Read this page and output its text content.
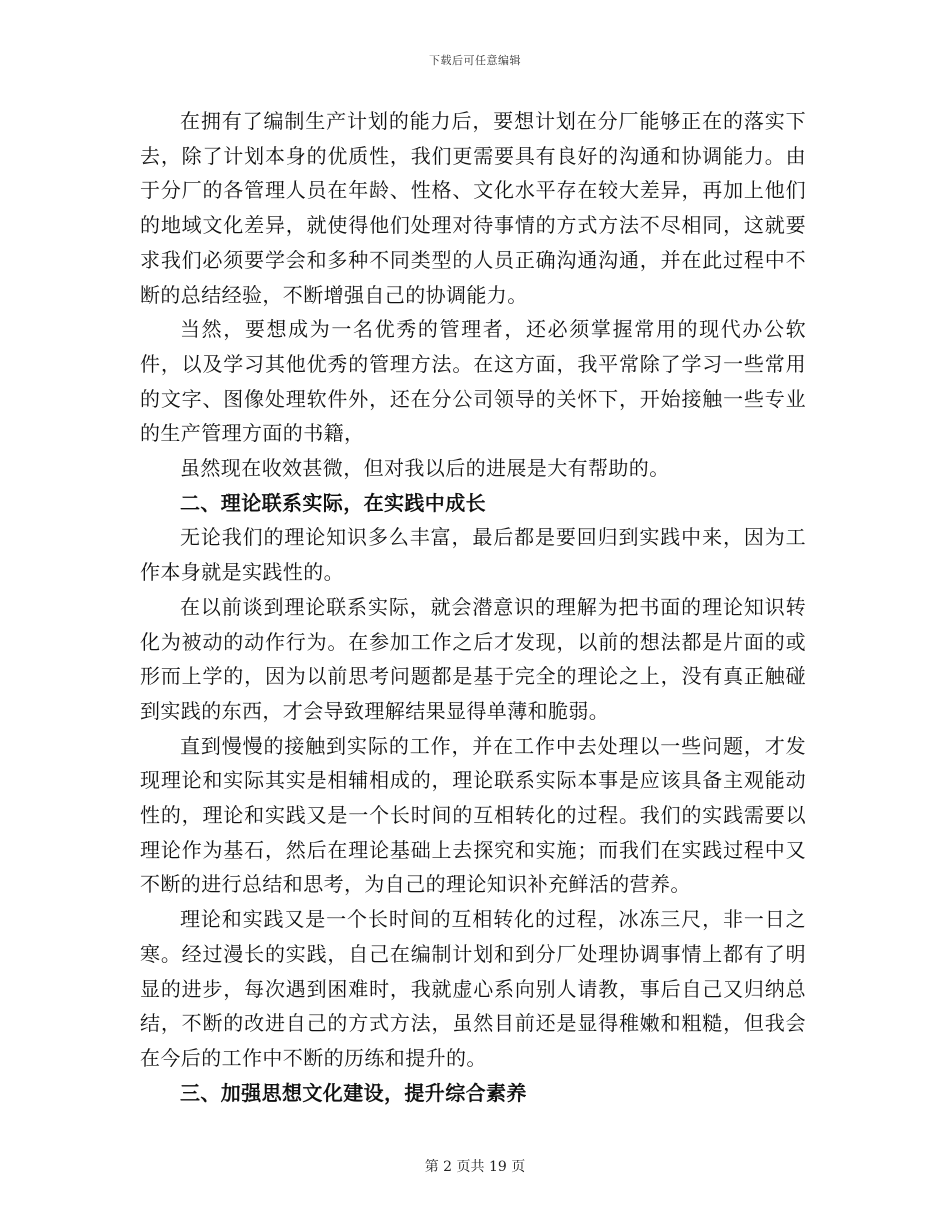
下载后可任意编辑

在拥有了编制生产计划的能力后，要想计划在分厂能够正在的落实下去，除了计划本身的优质性，我们更需要具有良好的沟通和协调能力。由于分厂的各管理人员在年龄、性格、文化水平存在较大差异，再加上他们的地域文化差异，就使得他们处理对待事情的方式方法不尽相同，这就要求我们必须要学会和多种不同类型的人员正确沟通沟通，并在此过程中不断的总结经验，不断增强自己的协调能力。

当然，要想成为一名优秀的管理者，还必须掌握常用的现代办公软件，以及学习其他优秀的管理方法。在这方面，我平常除了学习一些常用的文字、图像处理软件外，还在分公司领导的关怀下，开始接触一些专业的生产管理方面的书籍，

虽然现在收效甚微，但对我以后的进展是大有帮助的。

二、理论联系实际，在实践中成长

无论我们的理论知识多么丰富，最后都是要回归到实践中来，因为工作本身就是实践性的。

在以前谈到理论联系实际，就会潜意识的理解为把书面的理论知识转化为被动的动作行为。在参加工作之后才发现，以前的想法都是片面的或形而上学的，因为以前思考问题都是基于完全的理论之上，没有真正触碰到实践的东西，才会导致理解结果显得单薄和脆弱。

直到慢慢的接触到实际的工作，并在工作中去处理以一些问题，才发现理论和实际其实是相辅相成的，理论联系实际本事是应该具备主观能动性的，理论和实践又是一个长时间的互相转化的过程。我们的实践需要以理论作为基石，然后在理论基础上去探究和实施；而我们在实践过程中又不断的进行总结和思考，为自己的理论知识补充鲜活的营养。

理论和实践又是一个长时间的互相转化的过程，冰冻三尺，非一日之寒。经过漫长的实践，自己在编制计划和到分厂处理协调事情上都有了明显的进步，每次遇到困难时，我就虚心系向别人请教，事后自己又归纳总结，不断的改进自己的方式方法，虽然目前还是显得稚嫩和粗糙，但我会在今后的工作中不断的历练和提升的。

三、加强思想文化建设，提升综合素养

第 2 页共 19 页
